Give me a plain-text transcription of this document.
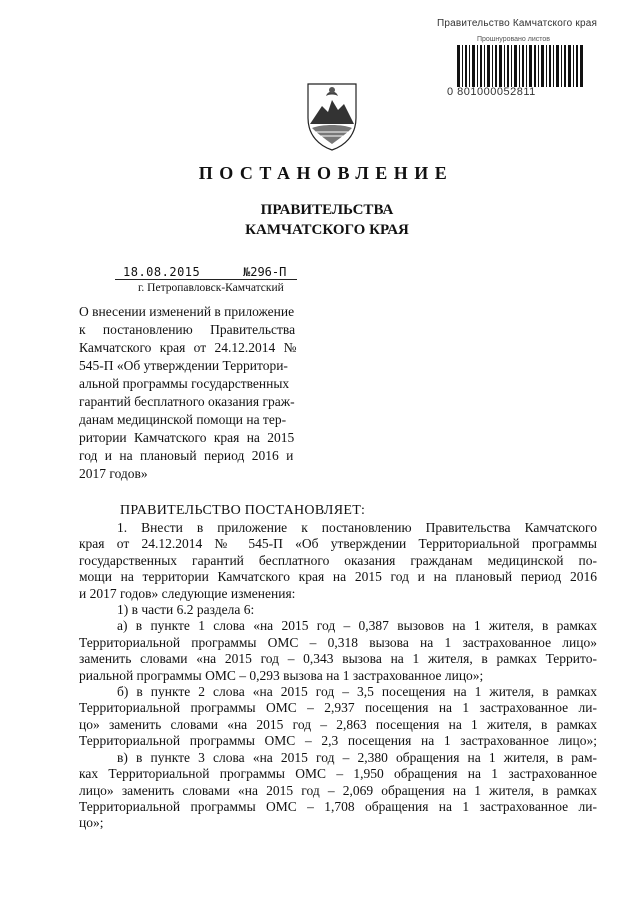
Правительство Камчатского края
Прошнуровано листов
0 801000052811
ПОСТАНОВЛЕНИЕ
ПРАВИТЕЛЬСТВА
КАМЧАТСКОГО КРАЯ
18.08.2015	№296-П
г. Петропавловск-Камчатский
О внесении изменений в приложение
к постановлению Правительства
Камчатского края от 24.12.2014 №
545-П «Об утверждении Территори-
альной программы государственных
гарантий бесплатного оказания граж-
данам медицинской помощи на тер-
ритории Камчатского края на 2015
год и на плановый период 2016 и
2017 годов»
ПРАВИТЕЛЬСТВО ПОСТАНОВЛЯЕТ:
1. Внести в приложение к постановлению Правительства Камчатского
края от 24.12.2014 № 545-П «Об утверждении Территориальной программы
государственных гарантий бесплатного оказания гражданам медицинской по-
мощи на территории Камчатского края на 2015 год и на плановый период 2016
и 2017 годов» следующие изменения:
1) в части 6.2 раздела 6:
а) в пункте 1 слова «на 2015 год – 0,387 вызовов на 1 жителя, в рамках
Территориальной программы ОМС – 0,318 вызова на 1 застрахованное лицо»
заменить словами «на 2015 год – 0,343 вызова на 1 жителя, в рамках Террито-
риальной программы ОМС – 0,293 вызова на 1 застрахованное лицо»;
б) в пункте 2 слова «на 2015 год – 3,5 посещения на 1 жителя, в рамках
Территориальной программы ОМС – 2,937 посещения на 1 застрахованное ли-
цо» заменить словами «на 2015 год – 2,863 посещения на 1 жителя, в рамках
Территориальной программы ОМС – 2,3 посещения на 1 застрахованное лицо»;
в) в пункте 3 слова «на 2015 год – 2,380 обращения на 1 жителя, в рам-
ках Территориальной программы ОМС – 1,950 обращения на 1 застрахованное
лицо» заменить словами «на 2015 год – 2,069 обращения на 1 жителя, в рамках
Территориальной программы ОМС – 1,708 обращения на 1 застрахованное ли-
цо»;
